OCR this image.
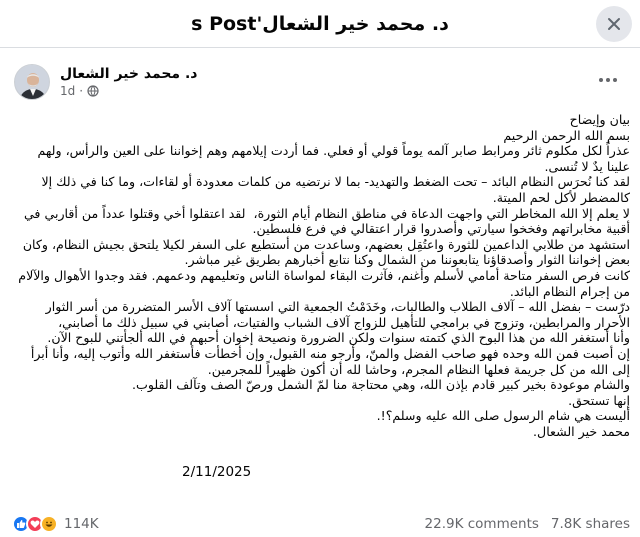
د. محمد خير الشعال's Post
د. محمد خير الشعال
1d ·

بيان وإيضاح

بسم الله الرحمن الرحيم

عذراً لكل مكلوم ثائر ومرابط صابر آلمه يوماً قولي أو فعلي. فما أردت إيلامهم وهم إخواننا على العين والرأس، ولهم علينا يدٌ لا تُنسى.

لقد كنا نُحرَس النظام البائد – تحت الضغط والتهديد- بما لا نرتضيه من كلمات معدودة أو لقاءات، وما كنا في ذلك إلا كالمضطر لأكل لحم الميتة.

لا يعلم إلا الله المخاطر التي واجهت الدعاة في مناطق النظام أيام الثورة،  لقد اعتقلوا أخي وقتلوا عدداً من أقاربي في أقبية مخابراتهم وفخخوا سيارتي وأصدروا قرار اعتقالي في فرع فلسطين.

استشهد من طلابي الداعمين للثورة واعتُقِل بعضهم، وساعدت من أستطيع على السفر لكيلا يلتحق بجيش النظام، وكان بعض إخواننا الثوار وأصدقاؤنا يتابعوننا من الشمال وكنا نتابع أخبارهم بطريق غير مباشر.

كانت فرص السفر متاحة أمامي لأسلم وأغنم، فآثرت البقاء لمواساة الناس وتعليمهم ودعمهم. فقد وجدوا الأهوال والآلام من إجرام النظام البائد.

درّست – بفضل الله – آلاف الطلاب والطالبات، وخَدَمْتُ الجمعية التي اسستها آلاف الأسر المتضررة من أسر الثوار الأحرار والمرابطين، وتزوج في برامجي للتأهيل للزواج آلاف الشباب والفتيات، أصابني في سبيل ذلك ما أصابني،

وأنا أستغفر الله من هذا البوح الذي كتمته سنوات ولكن الضرورة ونصيحة إخوان أحبهم في الله ألجأتني للبوح الآن.

إن أصبت فمن الله وحده فهو صاحب الفضل والمنّ، وأرجو منه القبول، وإن أخطأت فأستغفر الله وأتوب إليه، وأنا أبرأ إلى الله من كل جريمة فعلها النظام المجرم، وحاشا لله أن أكون ظهيراً للمجرمين.

والشام موعودة بخير كبير قادم بإذن الله، وهي محتاجة منا لمّ الشمل ورصّ الصف وتآلف القلوب.

إنها تستحق.

أليست هي شام الرسول صلى الله عليه وسلم؟!.

محمد خير الشعال.

2/11/2025
114K	22.9K comments 7.8K shares
